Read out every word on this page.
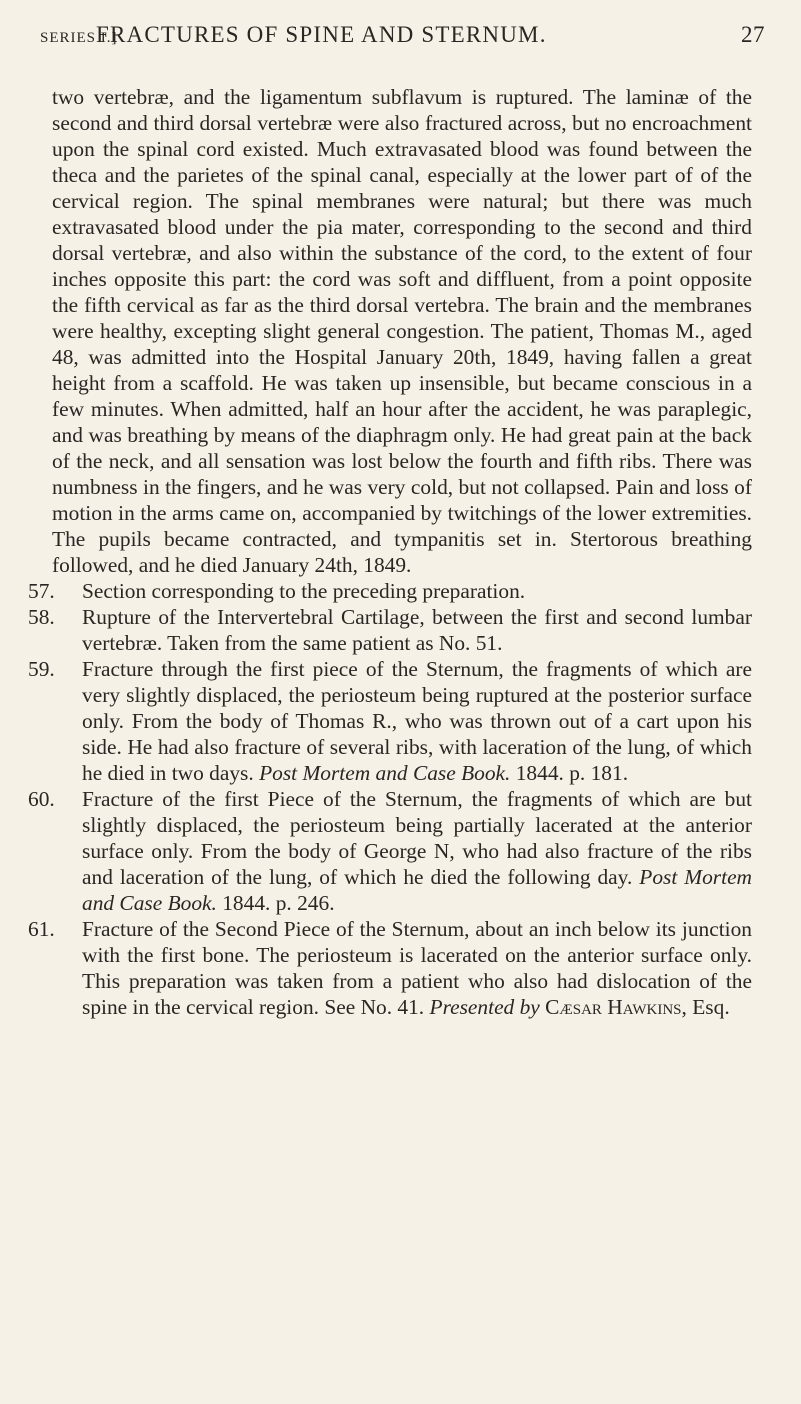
SERIES I.]
FRACTURES OF SPINE AND STERNUM.	27

two vertebræ, and the ligamentum subflavum is ruptured. The laminæ of the second and third dorsal vertebræ were also fractured across, but no encroachment upon the spinal cord existed. Much extravasated blood was found between the theca and the parietes of the spinal canal, especially at the lower part of of the cervical region. The spinal membranes were natural; but there was much extravasated blood under the pia mater, corresponding to the second and third dorsal vertebræ, and also within the substance of the cord, to the extent of four inches opposite this part: the cord was soft and diffluent, from a point opposite the fifth cervical as far as the third dorsal vertebra. The brain and the membranes were healthy, excepting slight general congestion. The patient, Thomas M., aged 48, was admitted into the Hospital January 20th, 1849, having fallen a great height from a scaffold. He was taken up insensible, but became conscious in a few minutes. When admitted, half an hour after the accident, he was paraplegic, and was breathing by means of the diaphragm only. He had great pain at the back of the neck, and all sensation was lost below the fourth and fifth ribs. There was numbness in the fingers, and he was very cold, but not collapsed. Pain and loss of motion in the arms came on, accompanied by twitchings of the lower extremities. The pupils became contracted, and tympanitis set in. Stertorous breathing followed, and he died January 24th, 1849.

57. Section corresponding to the preceding preparation.

58. Rupture of the Intervertebral Cartilage, between the first and second lumbar vertebræ. Taken from the same patient as No. 51.

59. Fracture through the first piece of the Sternum, the fragments of which are very slightly displaced, the periosteum being ruptured at the posterior surface only. From the body of Thomas R., who was thrown out of a cart upon his side. He had also fracture of several ribs, with laceration of the lung, of which he died in two days. Post Mortem and Case Book. 1844. p. 181.

60. Fracture of the first Piece of the Sternum, the fragments of which are but slightly displaced, the periosteum being partially lacerated at the anterior surface only. From the body of George N, who had also fracture of the ribs and laceration of the lung, of which he died the following day. Post Mortem and Case Book. 1844. p. 246.

61. Fracture of the Second Piece of the Sternum, about an inch below its junction with the first bone. The periosteum is lacerated on the anterior surface only. This preparation was taken from a patient who also had dislocation of the spine in the cervical region. See No. 41. Presented by Cæsar Hawkins, Esq.
